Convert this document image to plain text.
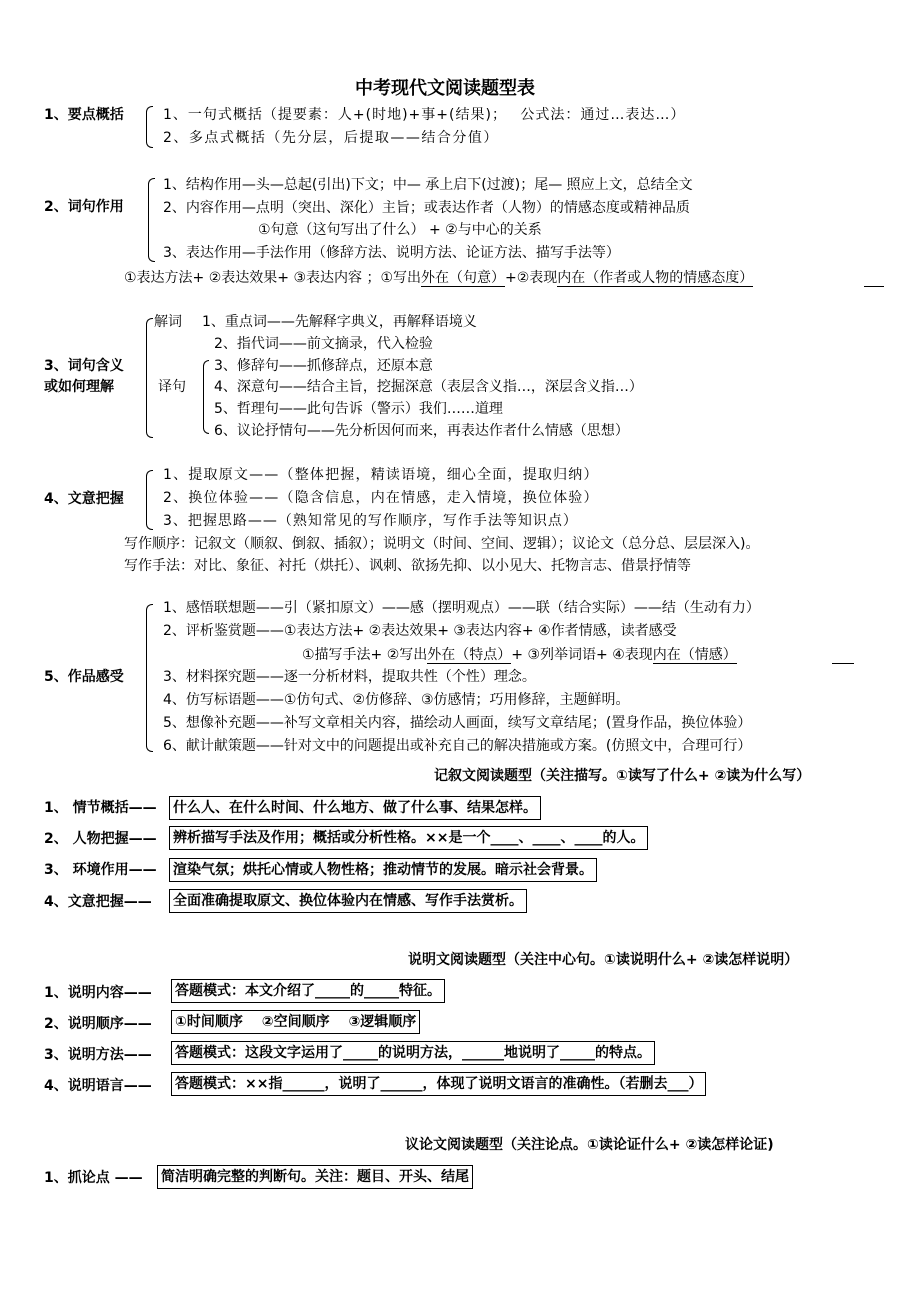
中考现代文阅读题型表
1、要点概括	1、一句式概括（提要素：人+(时地)+事+(结果)；　 公式法：通过…表达…）
2、多点式概括（先分层，后提取——结合分值）
2、词句作用
1、结构作用—头—总起(引出)下文；中— 承上启下(过渡)；尾— 照应上文，总结全文
2、内容作用—点明（突出、深化）主旨；或表达作者（人物）的情感态度或精神品质
①句意（这句写出了什么） + ②与中心的关系
3、表达作用—手法作用（修辞方法、说明方法、论证方法、描写手法等）
①表达方法+ ②表达效果+ ③表达内容 ；①写出外在（句意）+②表现内在（作者或人物的情感态度）
3、词句含义
或如何理解
解词
译句
1、重点词——先解释字典义，再解释语境义
2、指代词——前文摘录，代入检验
3、修辞句——抓修辞点，还原本意
4、深意句——结合主旨，挖掘深意（表层含义指…，深层含义指…）
5、哲理句——此句告诉（警示）我们……道理
6、议论抒情句——先分析因何而来，再表达作者什么情感（思想）
4、文意把握
1、提取原文——（整体把握，精读语境，细心全面，提取归纳）
2、换位体验——（隐含信息，内在情感，走入情境，换位体验）
3、把握思路——（熟知常见的写作顺序，写作手法等知识点）
写作顺序：记叙文（顺叙、倒叙、插叙）；说明文（时间、空间、逻辑）；议论文（总分总、层层深入)。
写作手法：对比、象征、衬托（烘托）、讽刺、欲扬先抑、以小见大、托物言志、借景抒情等
5、作品感受
1、感悟联想题——引（紧扣原文）——感（摆明观点）——联（结合实际）——结（生动有力）
2、评析鉴赏题——①表达方法+ ②表达效果+ ③表达内容+ ④作者情感，读者感受
①描写手法+ ②写出外在（特点）+ ③列举词语+ ④表现内在（情感）
3、材料探究题——逐一分析材料，提取共性（个性）理念。
4、仿写标语题——①仿句式、②仿修辞、③仿感情；巧用修辞，主题鲜明。
5、想像补充题——补写文章相关内容，描绘动人画面，续写文章结尾；(置身作品，换位体验）
6、献计献策题——针对文中的问题提出或补充自己的解决措施或方案。(仿照文中，合理可行）
记叙文阅读题型（关注描写。①读写了什么+ ②读为什么写）
1、 情节概括—— 什么人、在什么时间、什么地方、做了什么事、结果怎样。
2、 人物把握—— 辨析描写手法及作用；概括或分析性格。××是一个____、____、____的人。
3、 环境作用—— 渲染气氛；烘托心情或人物性格；推动情节的发展。暗示社会背景。
4、文意把握—— 全面准确提取原文、换位体验内在情感、写作手法赏析。
说明文阅读题型（关注中心句。①读说明什么+ ②读怎样说明）
1、说明内容—— 答题模式：本文介绍了_____的_____特征。
2、说明顺序—— ①时间顺序　 ②空间顺序　 ③逻辑顺序
3、说明方法—— 答题模式：这段文字运用了_____的说明方法，______地说明了_____的特点。
4、说明语言—— 答题模式：××指______，说明了______，体现了说明文语言的准确性。（若删去___）
议论文阅读题型（关注论点。①读论证什么+ ②读怎样论证)
1、抓论点 —— 简洁明确完整的判断句。关注：题目、开头、结尾
